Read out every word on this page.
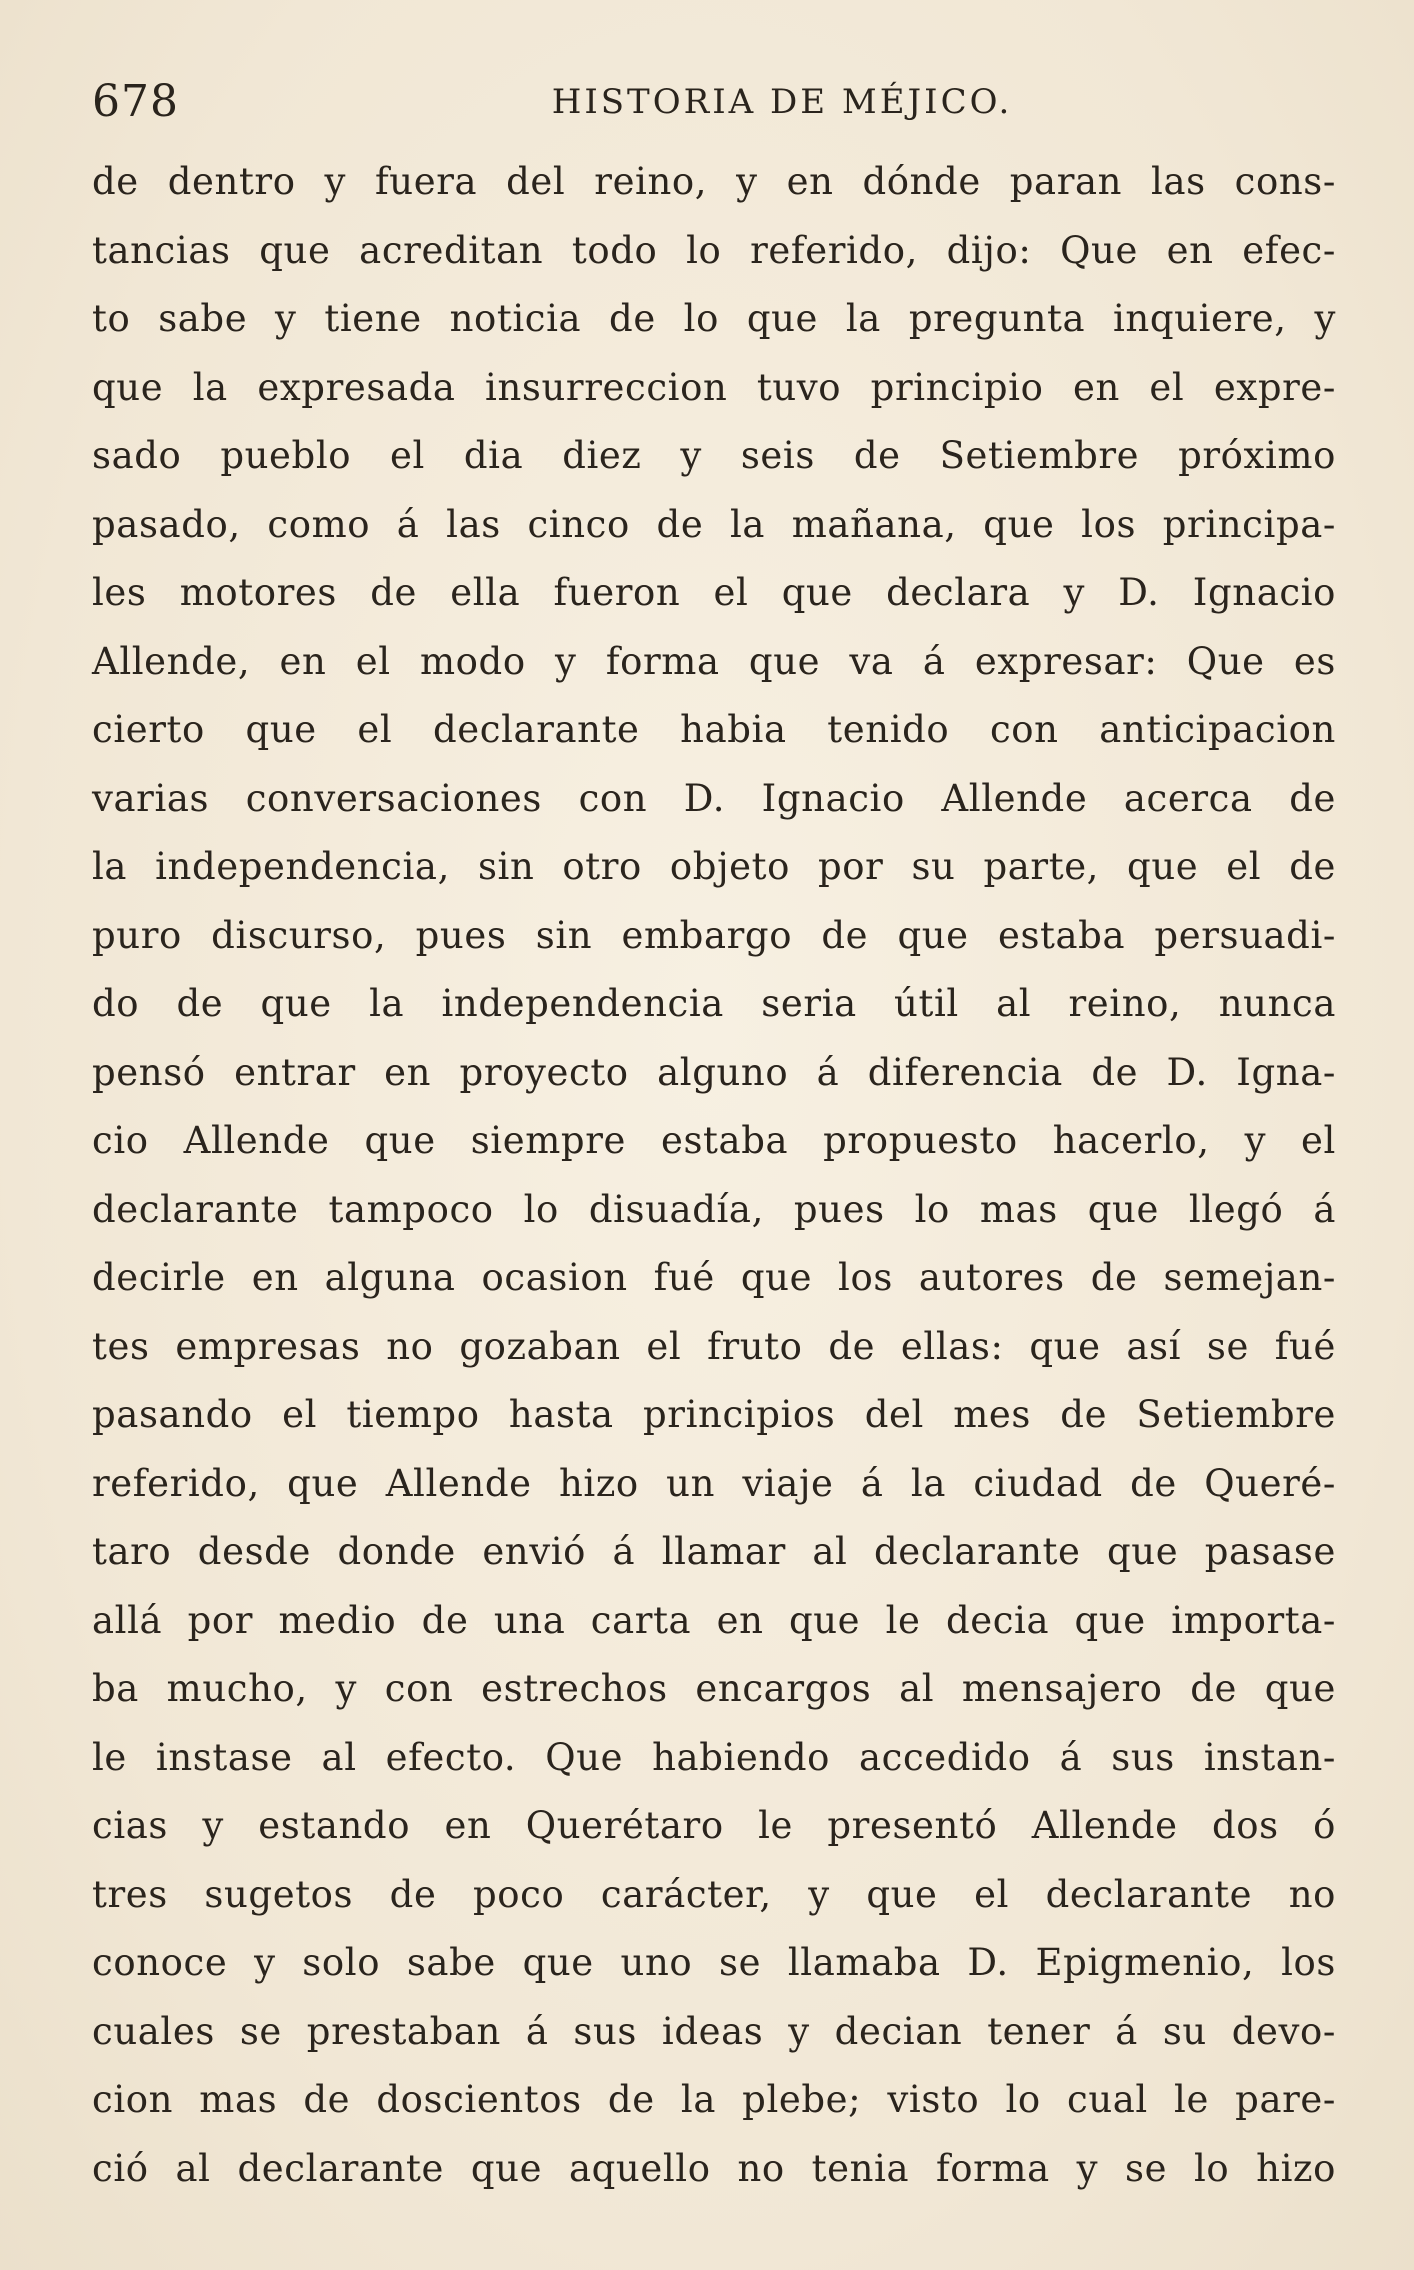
678	HISTORIA DE MÉJICO.
de dentro y fuera del reino, y en dónde paran las cons-
tancias que acreditan todo lo referido, dijo: Que en efec-
to sabe y tiene noticia de lo que la pregunta inquiere, y
que la expresada insurreccion tuvo principio en el expre-
sado pueblo el dia diez y seis de Setiembre próximo
pasado, como á las cinco de la mañana, que los principa-
les motores de ella fueron el que declara y D. Ignacio
Allende, en el modo y forma que va á expresar: Que es
cierto que el declarante habia tenido con anticipacion
varias conversaciones con D. Ignacio Allende acerca de
la independencia, sin otro objeto por su parte, que el de
puro discurso, pues sin embargo de que estaba persuadi-
do de que la independencia seria útil al reino, nunca
pensó entrar en proyecto alguno á diferencia de D. Igna-
cio Allende que siempre estaba propuesto hacerlo, y el
declarante tampoco lo disuadía, pues lo mas que llegó á
decirle en alguna ocasion fué que los autores de semejan-
tes empresas no gozaban el fruto de ellas: que así se fué
pasando el tiempo hasta principios del mes de Setiembre
referido, que Allende hizo un viaje á la ciudad de Queré-
taro desde donde envió á llamar al declarante que pasase
allá por medio de una carta en que le decia que importa-
ba mucho, y con estrechos encargos al mensajero de que
le instase al efecto. Que habiendo accedido á sus instan-
cias y estando en Querétaro le presentó Allende dos ó
tres sugetos de poco carácter, y que el declarante no
conoce y solo sabe que uno se llamaba D. Epigmenio, los
cuales se prestaban á sus ideas y decian tener á su devo-
cion mas de doscientos de la plebe; visto lo cual le pare-
ció al declarante que aquello no tenia forma y se lo hizo
